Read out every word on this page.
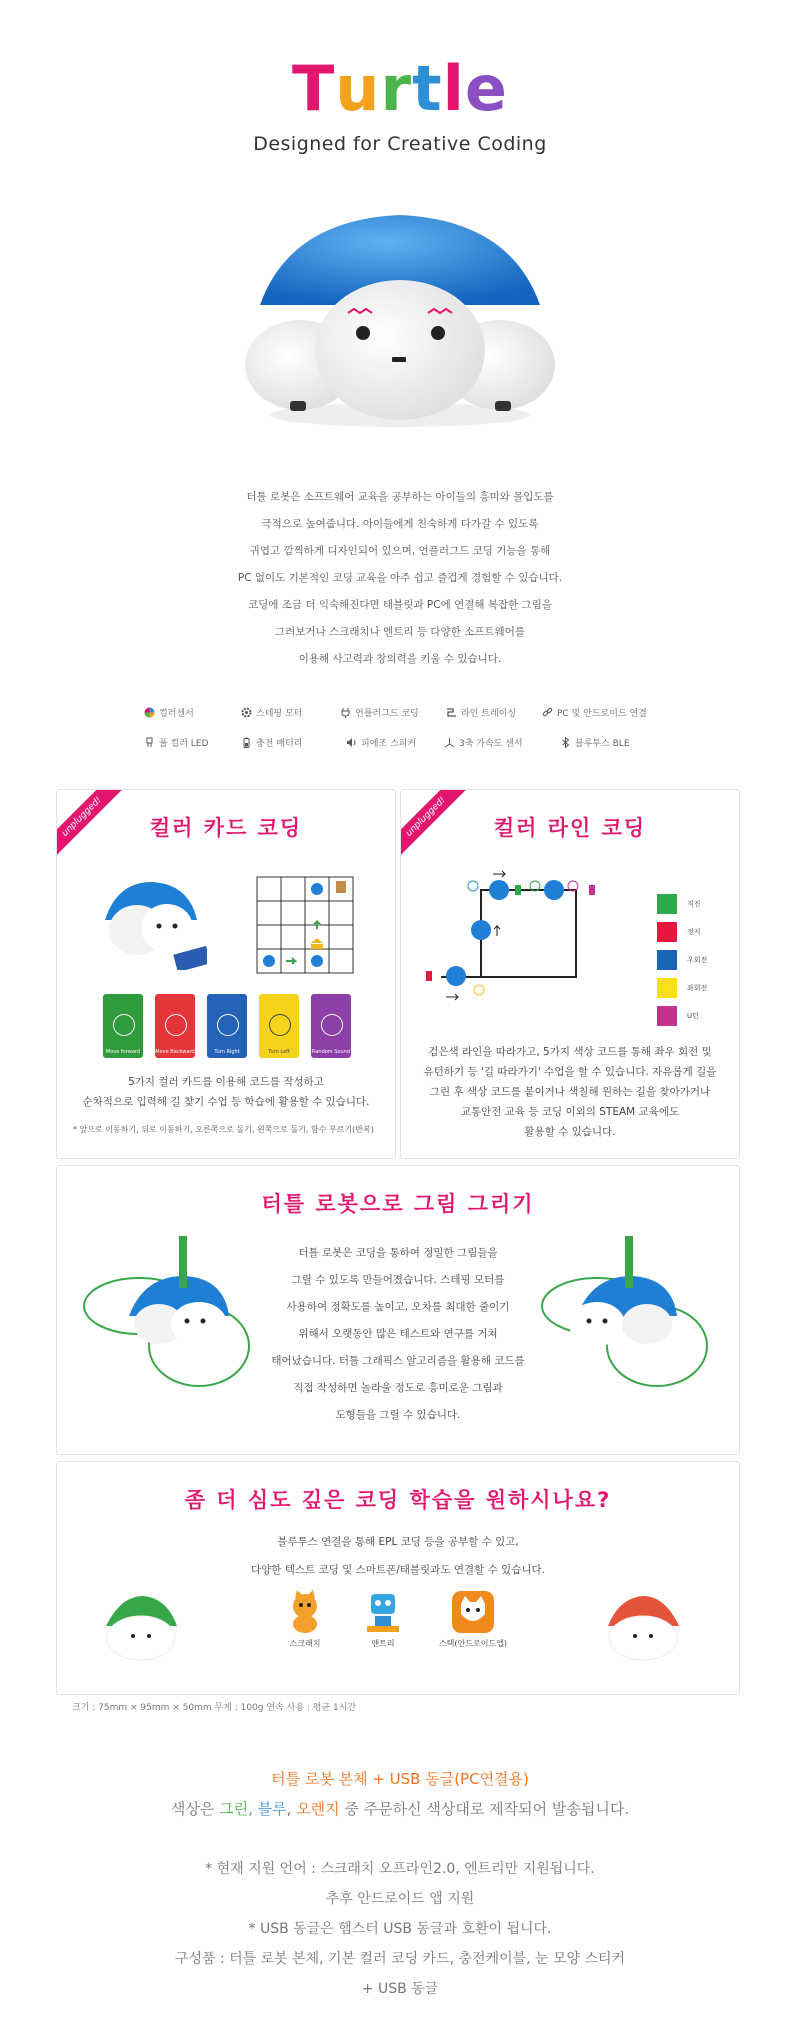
Turtle
Designed for Creative Coding

터틀 로봇은 소프트웨어 교육을 공부하는 아이들의 흥미와 몰입도를

극적으로 높여줍니다. 아이들에게 친숙하게 다가갈 수 있도록

귀엽고 깜찍하게 디자인되어 있으며, 언플러그드 코딩 기능을 통해

PC 없이도 기본적인 코딩 교육을 아주 쉽고 즐겁게 경험할 수 있습니다.

코딩에 조금 더 익숙해진다면 태블릿과 PC에 연결해 복잡한 그림을

그려보거나 스크래치나 엔트리 등 다양한 소프트웨어를

이용해 사고력과 창의력을 키울 수 있습니다.

컬러센서	스테핑 모터	언플러그드 코딩	라인 트레이싱	PC 및 안드로이드 연결
풀 컬러 LED	충전 배터리	피에조 스피커	3축 가속도 센서	블루투스 BLE
unplugged!	컬러 카드 코딩
Move forward	Move Backward	Turn Right	Turn Left	Random Sound
5가지 컬러 카드를 이용해 코드를 작성하고
순차적으로 입력해 길 찾기 수업 등 학습에 활용할 수 있습니다.
* 앞으로 이동하기, 뒤로 이동하기, 오른쪽으로 돌기, 왼쪽으로 돌기, 함수 부르기(반복)
unplugged!	컬러 라인 코딩
직진
정지
우회전
좌회전
U턴
검은색 라인을 따라가고, 5가지 색상 코드를 통해 좌우 회전 및
유턴하기 등 '길 따라가기' 수업을 할 수 있습니다. 자유롭게 길을
그린 후 색상 코드를 붙이거나 색칠해 원하는 길을 찾아가거나
교통안전 교육 등 코딩 이외의 STEAM 교육에도
활용할 수 있습니다.
터틀 로봇으로 그림 그리기
터틀 로봇은 코딩을 통하여 정밀한 그림들을
그릴 수 있도록 만들어졌습니다. 스테핑 모터를
사용하여 정확도를 높이고, 오차를 최대한 줄이기
위해서 오랫동안 많은 테스트와 연구를 거쳐
태어났습니다. 터틀 그래픽스 알고리즘을 활용해 코드를
직접 작성하면 놀라울 정도로 흥미로운 그림과
도형들을 그릴 수 있습니다.
좀 더 심도 깊은 코딩 학습을 원하시나요?
블루투스 연결을 통해 EPL 코딩 등을 공부할 수 있고,
다양한 텍스트 코딩 및 스마트폰/태블릿과도 연결할 수 있습니다.
스크래치	엔트리	스택(안드로이드앱)
크기 : 75mm × 95mm × 50mm 무게 : 100g 연속 사용 : 평균 1시간
터틀 로봇 본체 + USB 동글(PC연결용)
색상은 그린, 블루, 오렌지 중 주문하신 색상대로 제작되어 발송됩니다.
* 현재 지원 언어 : 스크래치 오프라인2.0, 엔트리만 지원됩니다.
추후 안드로이드 앱 지원
* USB 동글은 햄스터 USB 동글과 호환이 됩니다.
구성품 : 터틀 로봇 본체, 기본 컬러 코딩 카드, 충전케이블, 눈 모양 스티커
+ USB 동글
